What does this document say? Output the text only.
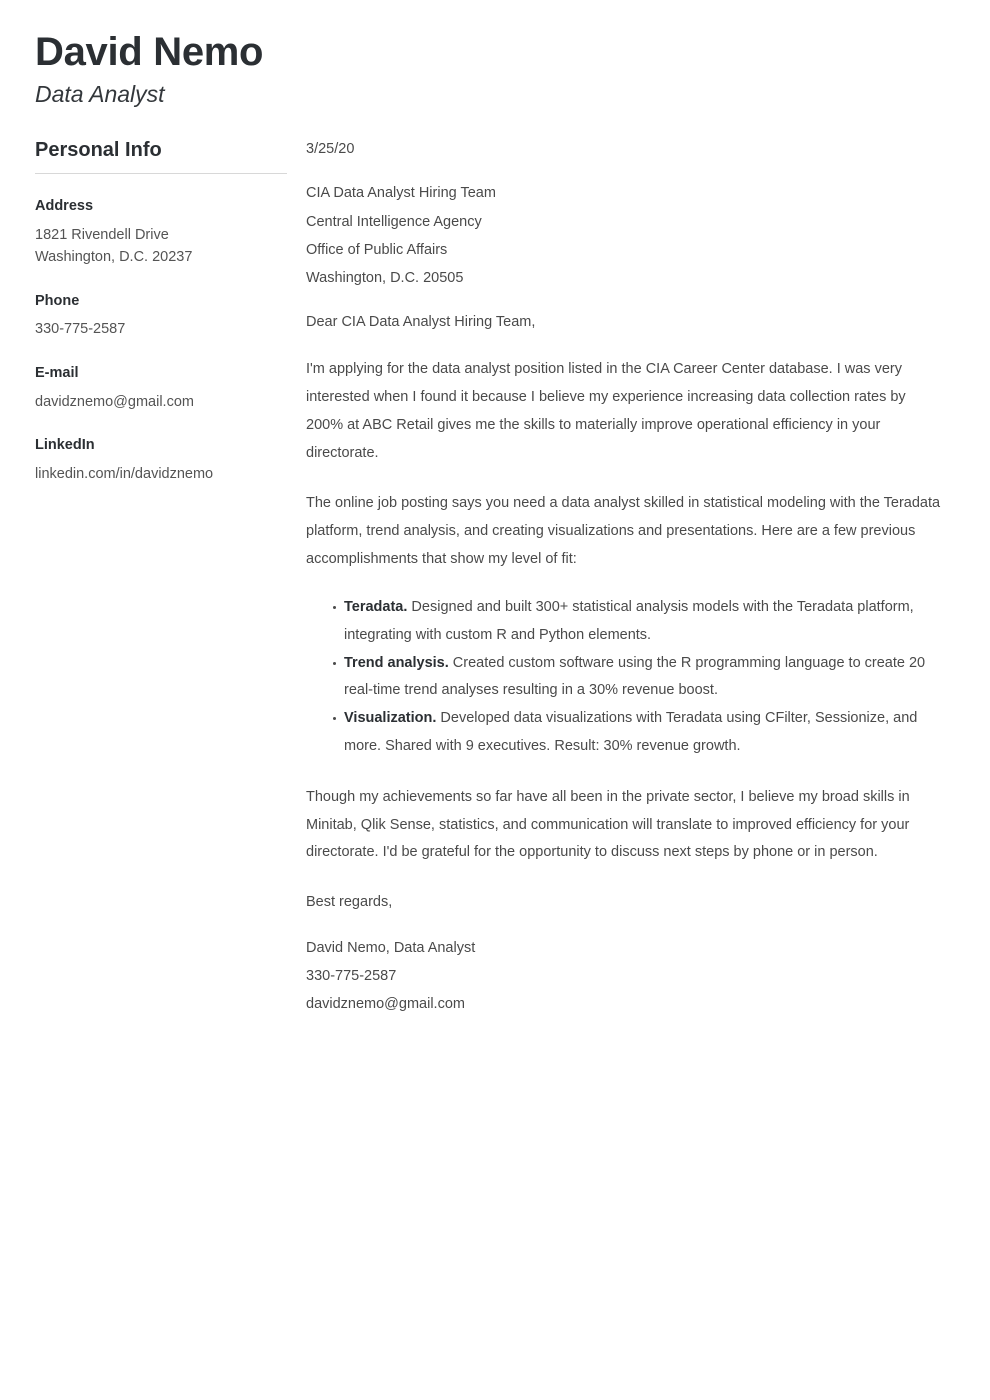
David Nemo
Data Analyst
Personal Info
Address
1821 Rivendell Drive
Washington, D.C. 20237
Phone
330-775-2587
E-mail
davidznemo@gmail.com
LinkedIn
linkedin.com/in/davidznemo
3/25/20
CIA Data Analyst Hiring Team
Central Intelligence Agency
Office of Public Affairs
Washington, D.C. 20505
Dear CIA Data Analyst Hiring Team,

I'm applying for the data analyst position listed in the CIA Career Center database. I was very interested when I found it because I believe my experience increasing data collection rates by 200% at ABC Retail gives me the skills to materially improve operational efficiency in your directorate.

The online job posting says you need a data analyst skilled in statistical modeling with the Teradata platform, trend analysis, and creating visualizations and presentations. Here are a few previous accomplishments that show my level of fit:

Teradata. Designed and built 300+ statistical analysis models with the Teradata platform, integrating with custom R and Python elements.
Trend analysis. Created custom software using the R programming language to create 20 real-time trend analyses resulting in a 30% revenue boost.
Visualization. Developed data visualizations with Teradata using CFilter, Sessionize, and more. Shared with 9 executives. Result: 30% revenue growth.

Though my achievements so far have all been in the private sector, I believe my broad skills in Minitab, Qlik Sense, statistics, and communication will translate to improved efficiency for your directorate. I'd be grateful for the opportunity to discuss next steps by phone or in person.

Best regards,
David Nemo, Data Analyst
330-775-2587
davidznemo@gmail.com
